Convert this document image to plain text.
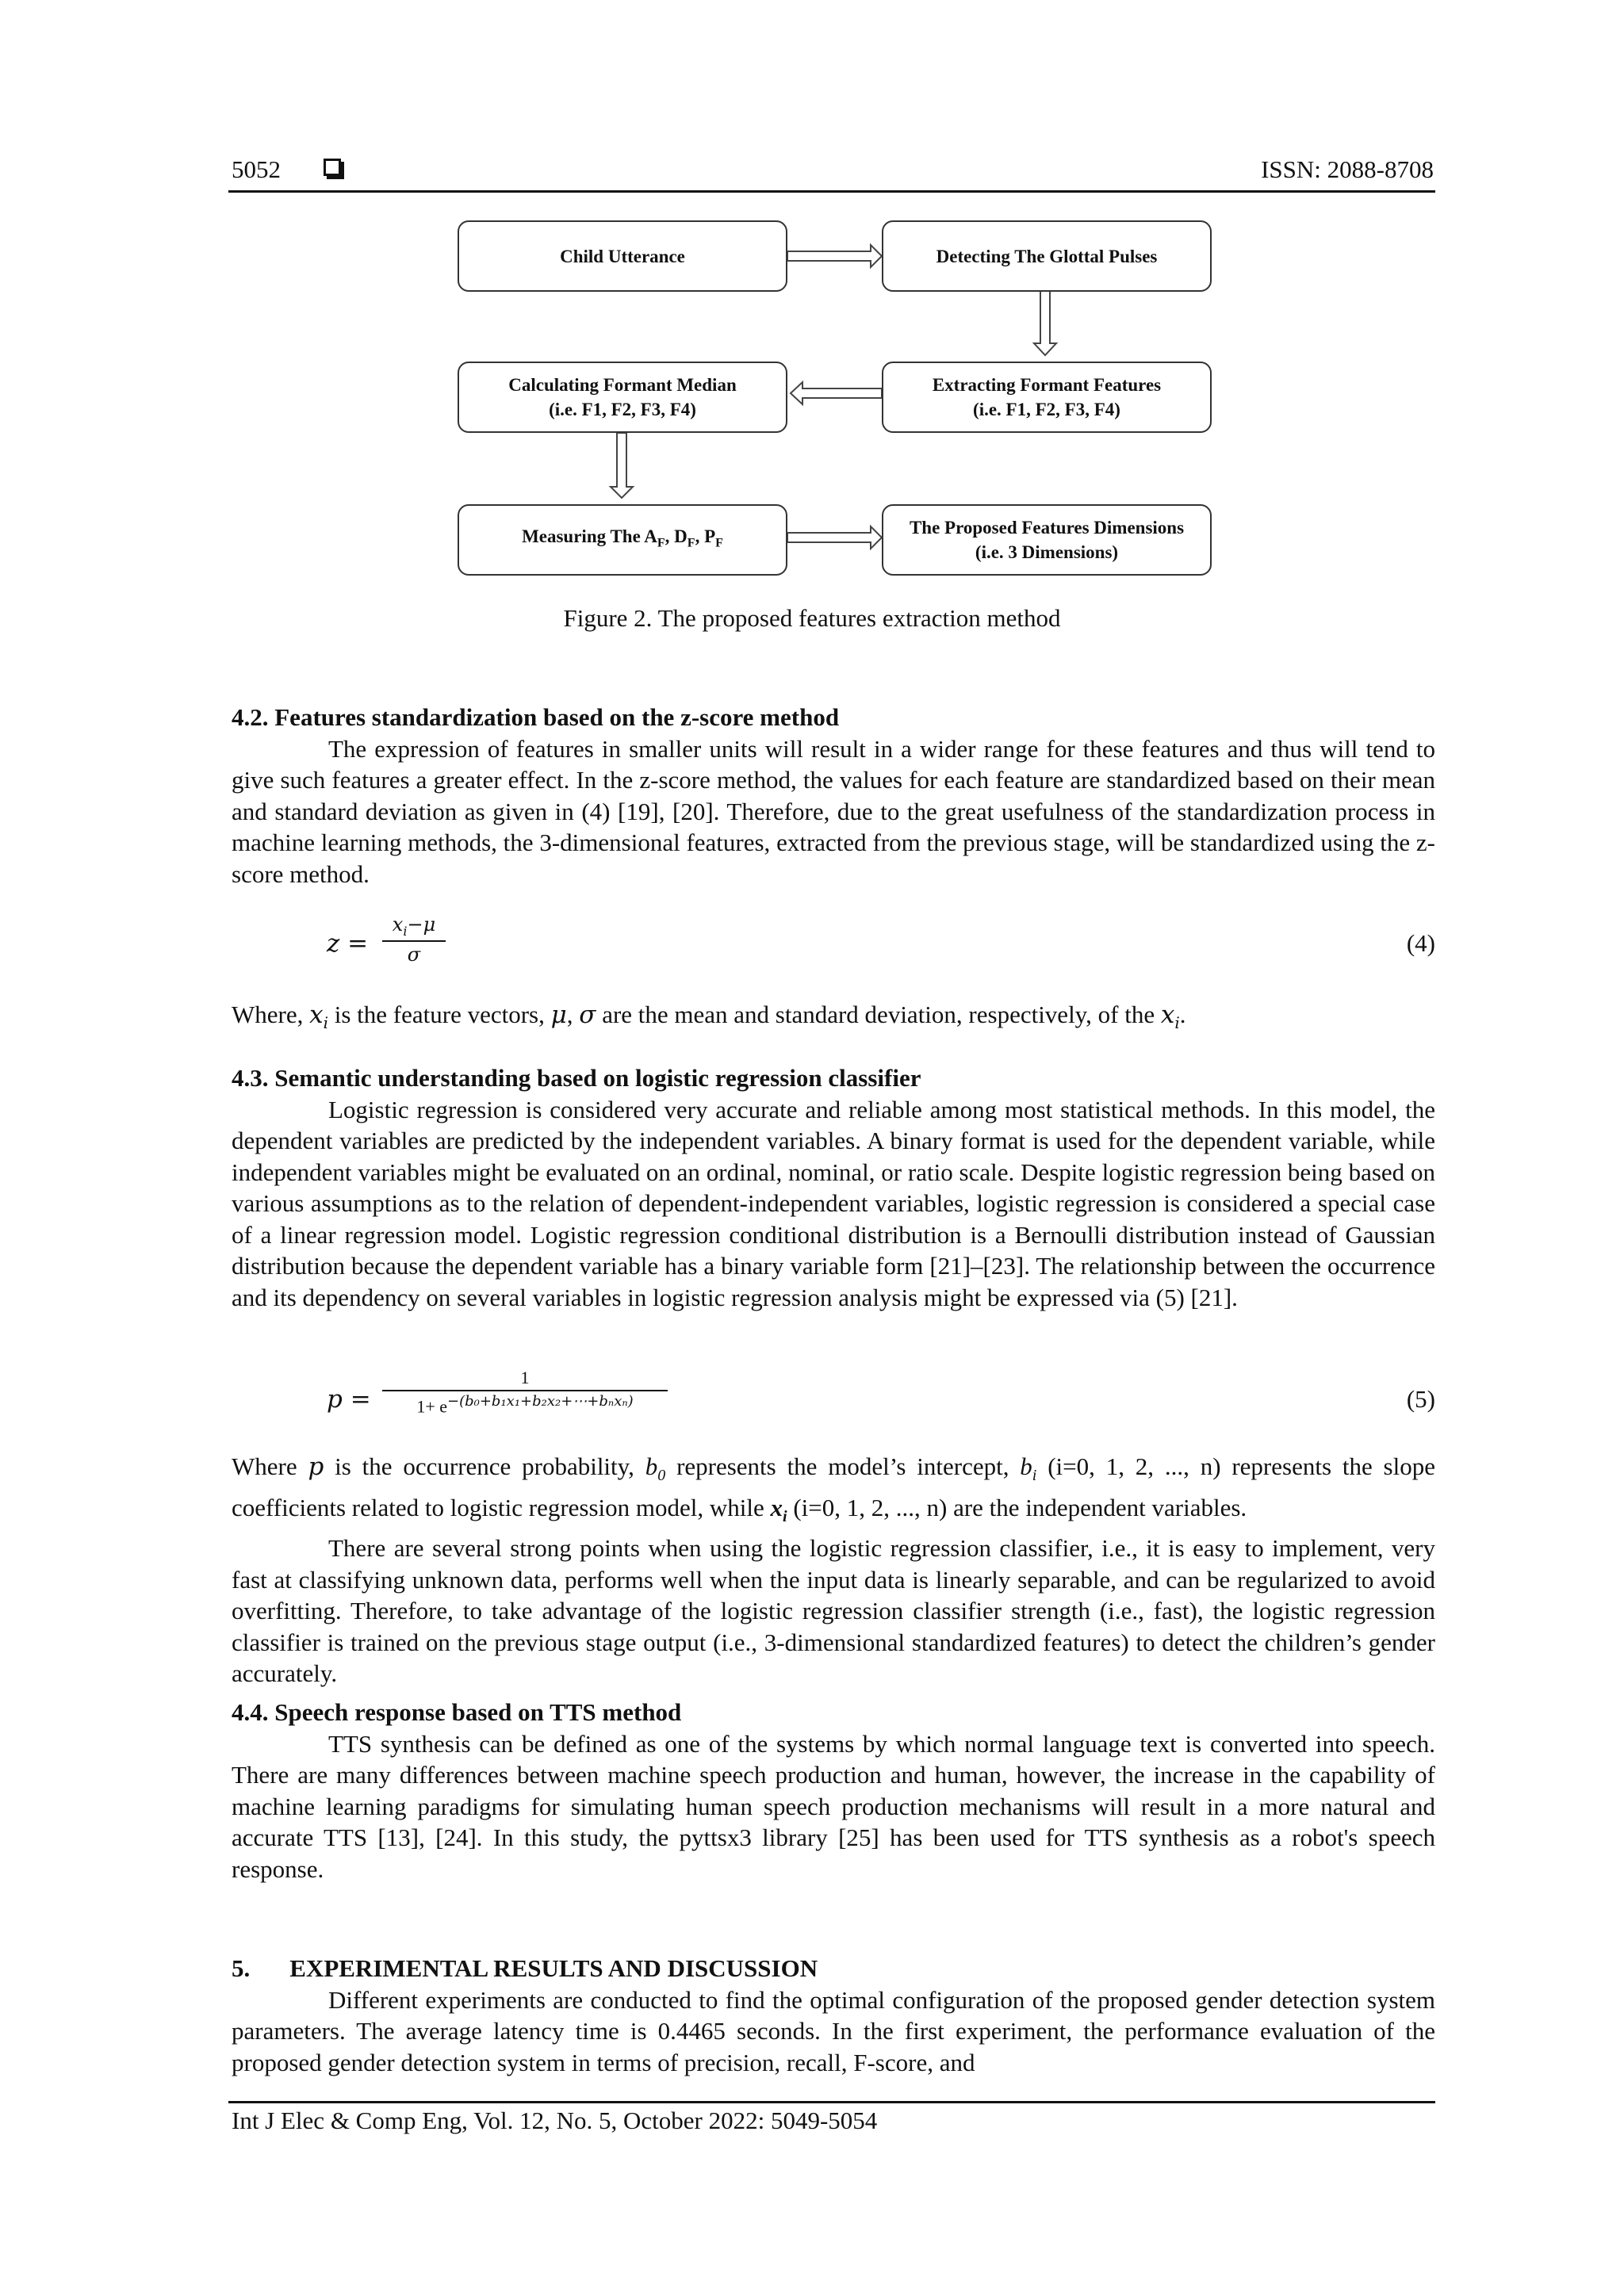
5052	ISSN: 2088-8708
Child Utterance	Detecting The Glottal Pulses
Calculating Formant Median
(i.e. F1, F2, F3, F4)
Extracting Formant Features
(i.e. F1, F2, F3, F4)
Measuring The $A_F$, $D_F$, $P_F$
The Proposed Features Dimensions
(i.e. 3 Dimensions)
Figure 2. The proposed features extraction method
4.2. Features standardization based on the z-score method

The expression of features in smaller units will result in a wider range for these features and thus will tend to give such features a greater effect. In the z-score method, the values for each feature are standardized based on their mean and standard deviation as given in (4) [19], [20]. Therefore, due to the great usefulness of the standardization process in machine learning methods, the 3-dimensional features, extracted from the previous stage, will be standardized using the z-score method.

$z = \frac{x_i-\mu}{\sigma}$	(4)

Where, $x_i$ is the feature vectors, μ, σ are the mean and standard deviation, respectively, of the $x_i$.

4.3. Semantic understanding based on logistic regression classifier

Logistic regression is considered very accurate and reliable among most statistical methods. In this model, the dependent variables are predicted by the independent variables. A binary format is used for the dependent variable, while independent variables might be evaluated on an ordinal, nominal, or ratio scale. Despite logistic regression being based on various assumptions as to the relation of dependent-independent variables, logistic regression is considered a special case of a linear regression model. Logistic regression conditional distribution is a Bernoulli distribution instead of Gaussian distribution because the dependent variable has a binary variable form [21]–[23]. The relationship between the occurrence and its dependency on several variables in logistic regression analysis might be expressed via (5) [21].

p =
1
$1+ e^{-(b_0+b_1x_1+b_2x_2+\cdots+b_nx_n)}$	(5)

Where p is the occurrence probability, $b_0$ represents the model’s intercept, $b_i$ (i=0, 1, 2, ..., n) represents the slope coefficients related to logistic regression model, while $x_i$ (i=0, 1, 2, ..., n) are the independent variables.

There are several strong points when using the logistic regression classifier, i.e., it is easy to implement, very fast at classifying unknown data, performs well when the input data is linearly separable, and can be regularized to avoid overfitting. Therefore, to take advantage of the logistic regression classifier strength (i.e., fast), the logistic regression classifier is trained on the previous stage output (i.e., 3-dimensional standardized features) to detect the children’s gender accurately.

4.4. Speech response based on TTS method

TTS synthesis can be defined as one of the systems by which normal language text is converted into speech. There are many differences between machine speech production and human, however, the increase in the capability of machine learning paradigms for simulating human speech production mechanisms will result in a more natural and accurate TTS [13], [24]. In this study, the pyttsx3 library [25] has been used for TTS synthesis as a robot's speech response.

5. EXPERIMENTAL RESULTS AND DISCUSSION

Different experiments are conducted to find the optimal configuration of the proposed gender detection system parameters. The average latency time is 0.4465 seconds. In the first experiment, the performance evaluation of the proposed gender detection system in terms of precision, recall, F-score, and

Int J Elec & Comp Eng, Vol. 12, No. 5, October 2022: 5049-5054
